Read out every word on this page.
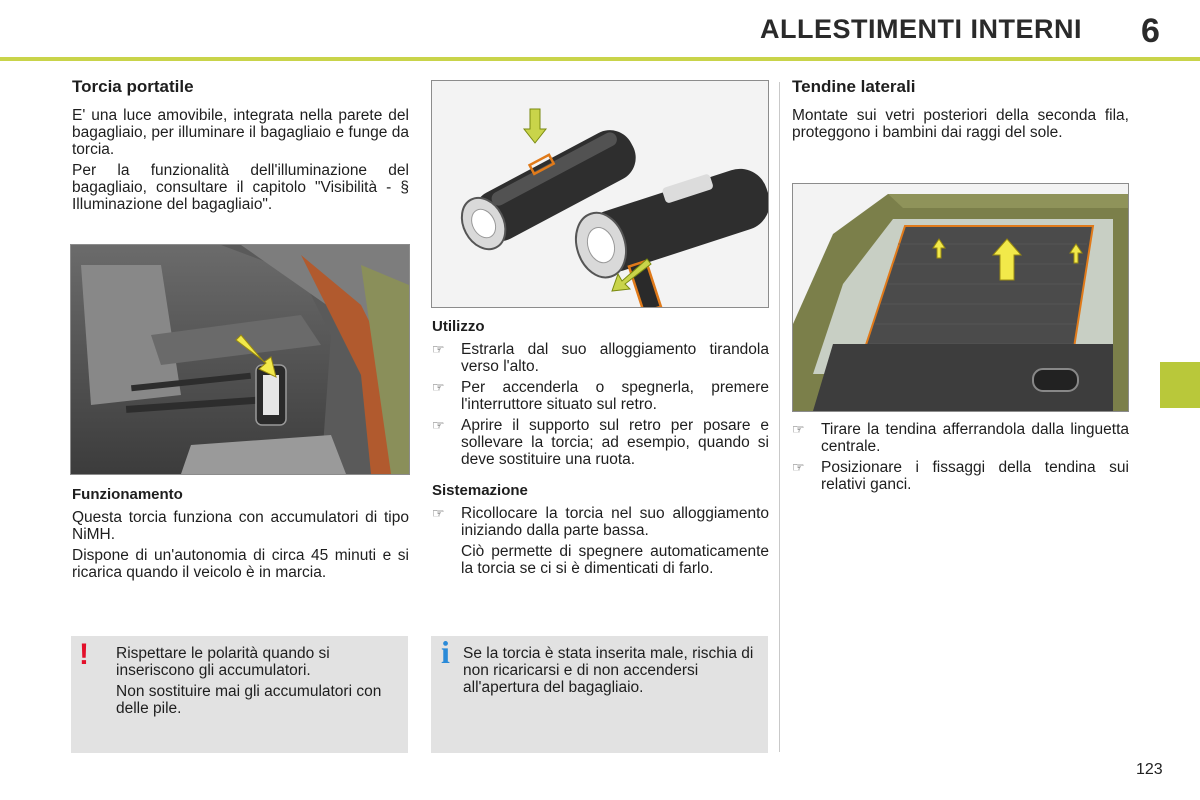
ALLESTIMENTI INTERNI	6
Torcia portatile

E' una luce amovibile, integrata nella parete del bagagliaio, per illuminare il bagagliaio e funge da torcia.

Per la funzionalità dell'illuminazione del bagagliaio, consultare il capitolo "Visibilità - § Illuminazione del bagagliaio".

Funzionamento

Questa torcia funziona con accumulatori di tipo NiMH.

Dispone di un'autonomia di circa 45 minuti e si ricarica quando il veicolo è in marcia.

! Rispettare le polarità quando si inseriscono gli accumulatori.

Non sostituire mai gli accumulatori con delle pile.

Utilizzo
☞ Estrarla dal suo alloggiamento tirandola verso l'alto.
☞ Per accenderla o spegnerla, premere l'interruttore situato sul retro.
☞ Aprire il supporto sul retro per posare e sollevare la torcia; ad esempio, quando si deve sostituire una ruota.
Sistemazione
☞ Ricollocare la torcia nel suo alloggiamento iniziando dalla parte bassa.

Ciò permette di spegnere automaticamente la torcia se ci si è dimenticati di farlo.

i Se la torcia è stata inserita male, rischia di non ricaricarsi e di non accendersi all'apertura del bagagliaio.

Tendine laterali

Montate sui vetri posteriori della seconda fila, proteggono i bambini dai raggi del sole.

☞ Tirare la tendina afferrandola dalla linguetta centrale.
☞ Posizionare i fissaggi della tendina sui relativi ganci.
123
